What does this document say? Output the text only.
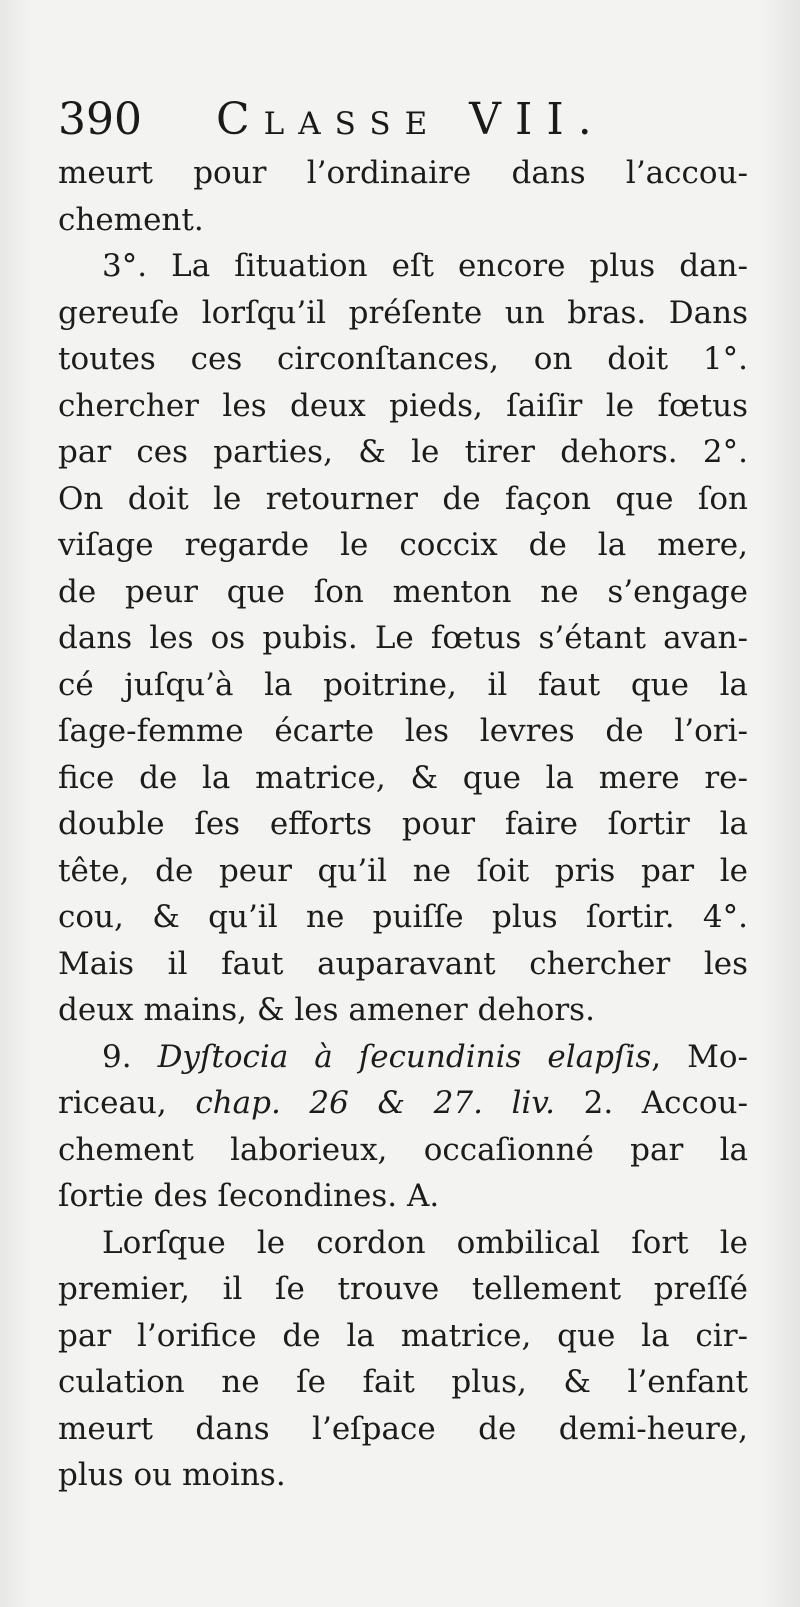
390 Classe VII.
meurt pour l’ordinaire dans l’accou-
chement.
3°. La ſituation eſt encore plus dan-
gereuſe lorſqu’il préſente un bras. Dans
toutes ces circonſtances, on doit 1°.
chercher les deux pieds, ſaiſir le fœtus
par ces parties, & le tirer dehors. 2°.
On doit le retourner de façon que ſon
viſage regarde le coccix de la mere,
de peur que ſon menton ne s’engage
dans les os pubis. Le fœtus s’étant avan-
cé juſqu’à la poitrine, il faut que la
ſage-femme écarte les levres de l’ori-
fice de la matrice, & que la mere re-
double ſes efforts pour faire ſortir la
tête, de peur qu’il ne ſoit pris par le
cou, & qu’il ne puiſſe plus ſortir. 4°.
Mais il faut auparavant chercher les
deux mains, & les amener dehors.
9. Dyſtocia à ſecundinis elapſis, Mo-
riceau, chap. 26 & 27. liv. 2. Accou-
chement laborieux, occaſionné par la
ſortie des ſecondines. A.
Lorſque le cordon ombilical ſort le
premier, il ſe trouve tellement preſſé
par l’orifice de la matrice, que la cir-
culation ne ſe fait plus, & l’enfant
meurt dans l’eſpace de demi-heure,
plus ou moins.
